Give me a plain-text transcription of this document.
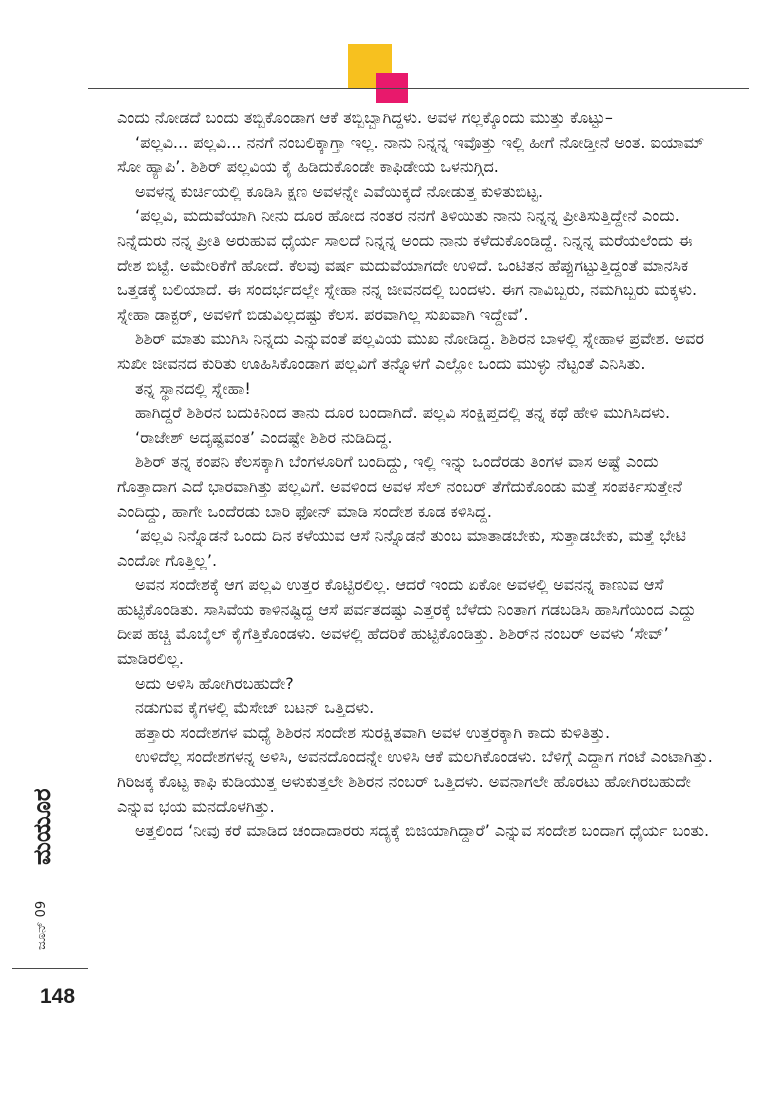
ಎಂದು ನೋಡದೆ ಬಂದು ತಬ್ಬಿಕೊಂಡಾಗ ಆಕೆ ತಬ್ಬಿಬ್ಬಾಗಿದ್ದಳು. ಅವಳ ಗಲ್ಲಕ್ಕೊಂದು ಮುತ್ತು ಕೊಟ್ಟು–

‘ಪಲ್ಲವಿ... ಪಲ್ಲವಿ... ನನಗೆ ನಂಬಲಿಕ್ಕಾಗ್ತಾ ಇಲ್ಲ. ನಾನು ನಿನ್ನನ್ನ ಇವೊತ್ತು ಇಲ್ಲಿ ಹೀಗೆ ನೋಡ್ತೀನೆ ಅಂತ. ಐಯಾಮ್ ಸೋ ಹ್ಯಾಪಿ’. ಶಿಶಿರ್ ಪಲ್ಲವಿಯ ಕೈ ಹಿಡಿದುಕೊಂಡೇ ಕಾಫಿಡೇಯ ಒಳನುಗ್ಗಿದ.

ಅವಳನ್ನ ಕುರ್ಚಿಯಲ್ಲಿ ಕೂಡಿಸಿ ಕ್ಷಣ ಅವಳನ್ನೇ ಎವೆಯಿಕ್ಕದೆ ನೋಡುತ್ತ ಕುಳಿತುಬಿಟ್ಟ.

‘ಪಲ್ಲವಿ, ಮದುವೆಯಾಗಿ ನೀನು ದೂರ ಹೋದ ನಂತರ ನನಗೆ ತಿಳಿಯಿತು ನಾನು ನಿನ್ನನ್ನ ಪ್ರೀತಿಸುತ್ತಿದ್ದೇನೆ ಎಂದು. ನಿನ್ನೆದುರು ನನ್ನ ಪ್ರೀತಿ ಅರುಹುವ ಧೈರ್ಯ ಸಾಲದೆ ನಿನ್ನನ್ನ ಅಂದು ನಾನು ಕಳೆದುಕೊಂಡಿದ್ದೆ. ನಿನ್ನನ್ನ ಮರೆಯಲೆಂದು ಈ ದೇಶ ಬಿಟ್ಟೆ. ಅಮೇರಿಕೆಗೆ ಹೋದೆ. ಕೆಲವು ವರ್ಷ ಮದುವೆಯಾಗದೇ ಉಳಿದೆ. ಒಂಟಿತನ ಹೆಪ್ಪುಗಟ್ಟುತ್ತಿದ್ದಂತೆ ಮಾನಸಿಕ ಒತ್ತಡಕ್ಕೆ ಬಲಿಯಾದೆ. ಈ ಸಂದರ್ಭದಲ್ಲೇ ಸ್ನೇಹಾ ನನ್ನ ಜೀವನದಲ್ಲಿ ಬಂದಳು. ಈಗ ನಾವಿಬ್ಬರು, ನಮಗಿಬ್ಬರು ಮಕ್ಕಳು. ಸ್ನೇಹಾ ಡಾಕ್ಟರ್, ಅವಳಿಗೆ ಬಿಡುವಿಲ್ಲದಷ್ಟು ಕೆಲಸ. ಪರವಾಗಿಲ್ಲ ಸುಖವಾಗಿ ಇದ್ದೇವೆ’.

ಶಿಶಿರ್ ಮಾತು ಮುಗಿಸಿ ನಿನ್ನದು ಎನ್ನುವಂತೆ ಪಲ್ಲವಿಯ ಮುಖ ನೋಡಿದ್ದ. ಶಿಶಿರನ ಬಾಳಲ್ಲಿ ಸ್ನೇಹಾಳ ಪ್ರವೇಶ. ಅವರ ಸುಖೀ ಜೀವನದ ಕುರಿತು ಊಹಿಸಿಕೊಂಡಾಗ ಪಲ್ಲವಿಗೆ ತನ್ನೊಳಗೆ ಎಲ್ಲೋ ಒಂದು ಮುಳ್ಳು ನೆಟ್ಟಂತೆ ಎನಿಸಿತು.

ತನ್ನ ಸ್ಥಾನದಲ್ಲಿ ಸ್ನೇಹಾ!

ಹಾಗಿದ್ದರೆ ಶಿಶಿರನ ಬದುಕಿನಿಂದ ತಾನು ದೂರ ಬಂದಾಗಿದೆ. ಪಲ್ಲವಿ ಸಂಕ್ಷಿಪ್ತದಲ್ಲಿ ತನ್ನ ಕಥೆ ಹೇಳಿ ಮುಗಿಸಿದಳು.

‘ರಾಜೇಶ್ ಅದೃಷ್ಟವಂತ’ ಎಂದಷ್ಟೇ ಶಿಶಿರ ನುಡಿದಿದ್ದ.

ಶಿಶಿರ್ ತನ್ನ ಕಂಪನಿ ಕೆಲಸಕ್ಕಾಗಿ ಬೆಂಗಳೂರಿಗೆ ಬಂದಿದ್ದು, ಇಲ್ಲಿ ಇನ್ನು ಒಂದೆರಡು ತಿಂಗಳ ವಾಸ ಅಷ್ಟೆ ಎಂದು ಗೊತ್ತಾದಾಗ ಎದೆ ಭಾರವಾಗಿತ್ತು ಪಲ್ಲವಿಗೆ. ಅವಳಿಂದ ಅವಳ ಸೆಲ್ ನಂಬರ್ ತೆಗೆದುಕೊಂಡು ಮತ್ತೆ ಸಂಪರ್ಕಿಸುತ್ತೇನೆ ಎಂದಿದ್ದು, ಹಾಗೇ ಒಂದೆರಡು ಬಾರಿ ಫೋನ್ ಮಾಡಿ ಸಂದೇಶ ಕೂಡ ಕಳಿಸಿದ್ದ.

‘ಪಲ್ಲವಿ ನಿನ್ನೊಡನೆ ಒಂದು ದಿನ ಕಳೆಯುವ ಆಸೆ ನಿನ್ನೊಡನೆ ತುಂಬ ಮಾತಾಡಬೇಕು, ಸುತ್ತಾಡಬೇಕು, ಮತ್ತೆ ಭೇಟಿ ಎಂದೋ ಗೊತ್ತಿಲ್ಲ’.

ಅವನ ಸಂದೇಶಕ್ಕೆ ಆಗ ಪಲ್ಲವಿ ಉತ್ತರ ಕೊಟ್ಟಿರಲಿಲ್ಲ. ಆದರೆ ಇಂದು ಏಕೋ ಅವಳಲ್ಲಿ ಅವನನ್ನ ಕಾಣುವ ಆಸೆ ಹುಟ್ಟಿಕೊಂಡಿತು. ಸಾಸಿವೆಯ ಕಾಳಿನಷ್ಟಿದ್ದ ಆಸೆ ಪರ್ವತದಷ್ಟು ಎತ್ತರಕ್ಕೆ ಬೆಳೆದು ನಿಂತಾಗ ಗಡಬಡಿಸಿ ಹಾಸಿಗೆಯಿಂದ ಎದ್ದು ದೀಪ ಹಚ್ಚಿ ಮೊಬೈಲ್ ಕೈಗೆತ್ತಿಕೊಂಡಳು. ಅವಳಲ್ಲಿ ಹೆದರಿಕೆ ಹುಟ್ಟಿಕೊಂಡಿತ್ತು. ಶಿಶಿರ್‌ನ ನಂಬರ್ ಅವಳು ‘ಸೇವ್’ ಮಾಡಿರಲಿಲ್ಲ.

ಅದು ಅಳಿಸಿ ಹೋಗಿರಬಹುದೇ?

ನಡುಗುವ ಕೈಗಳಲ್ಲಿ ಮೆಸೇಜ್ ಬಟನ್ ಒತ್ತಿದಳು.

ಹತ್ತಾರು ಸಂದೇಶಗಳ ಮಧ್ಯೆ ಶಿಶಿರನ ಸಂದೇಶ ಸುರಕ್ಷಿತವಾಗಿ ಅವಳ ಉತ್ತರಕ್ಕಾಗಿ ಕಾದು ಕುಳಿತಿತ್ತು.

ಉಳಿದೆಲ್ಲ ಸಂದೇಶಗಳನ್ನ ಅಳಿಸಿ, ಅವನದೊಂದನ್ನೇ ಉಳಿಸಿ ಆಕೆ ಮಲಗಿಕೊಂಡಳು. ಬೆಳಿಗ್ಗೆ ಎದ್ದಾಗ ಗಂಟೆ ಎಂಟಾಗಿತ್ತು. ಗಿರಿಜಕ್ಕ ಕೊಟ್ಟ ಕಾಫಿ ಕುಡಿಯುತ್ತ ಅಳುಕುತ್ತಲೇ ಶಿಶಿರನ ನಂಬರ್ ಒತ್ತಿದಳು. ಅವನಾಗಲೇ ಹೊರಟು ಹೋಗಿರಬಹುದೇ ಎನ್ನುವ ಭಯ ಮನದೊಳಗಿತ್ತು.

ಅತ್ತಲಿಂದ ‘ನೀವು ಕರೆ ಮಾಡಿದ ಚಂದಾದಾರರು ಸದ್ಯಕ್ಕೆ ಬಿಜಿಯಾಗಿದ್ದಾರೆ’ ಎನ್ನುವ ಸಂದೇಶ ಬಂದಾಗ ಧೈರ್ಯ ಬಂತು.

ಮಯೂರ
ಜೂನ್ 09
148
